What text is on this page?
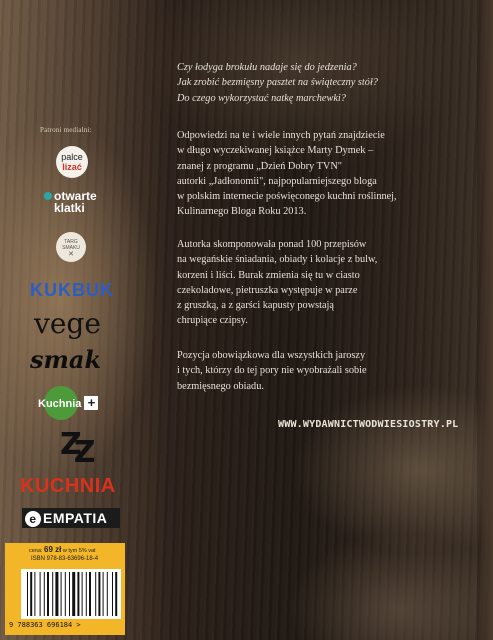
Patroni medialni:
palce
lizać
otwarte
klatki
TARG
SMAKU
✕
KUKBUK
vege
smak
Kuchnia +
ZZ
KUCHNIA
e EMPATIA
Czy łodyga brokułu nadaje się do jedzenia?
Jak zrobić bezmięsny pasztet na świąteczny stół?
Do czego wykorzystać natkę marchewki?
Odpowiedzi na te i wiele innych pytań znajdziecie
w długo wyczekiwanej książce Marty Dymek –
znanej z programu „Dzień Dobry TVN"
autorki „Jadłonomii", najpopularniejszego bloga
w polskim internecie poświęconego kuchni roślinnej,
Kulinarnego Bloga Roku 2013.
Autorka skomponowała ponad 100 przepisów
na wegańskie śniadania, obiady i kolacje z bulw,
korzeni i liści. Burak zmienia się tu w ciasto
czekoladowe, pietruszka występuje w parze
z gruszką, a z garści kapusty powstają
chrupiące czipsy.
Pozycja obowiązkowa dla wszystkich jaroszy
i tych, którzy do tej pory nie wyobrażali sobie
bezmięsnego obiadu.
WWW.WYDAWNICTWODWIESIOSTRY.PL
cena: 69 zł w tym 5% vat
ISBN 978-83-63696-18-4
9 788363 696184 >
